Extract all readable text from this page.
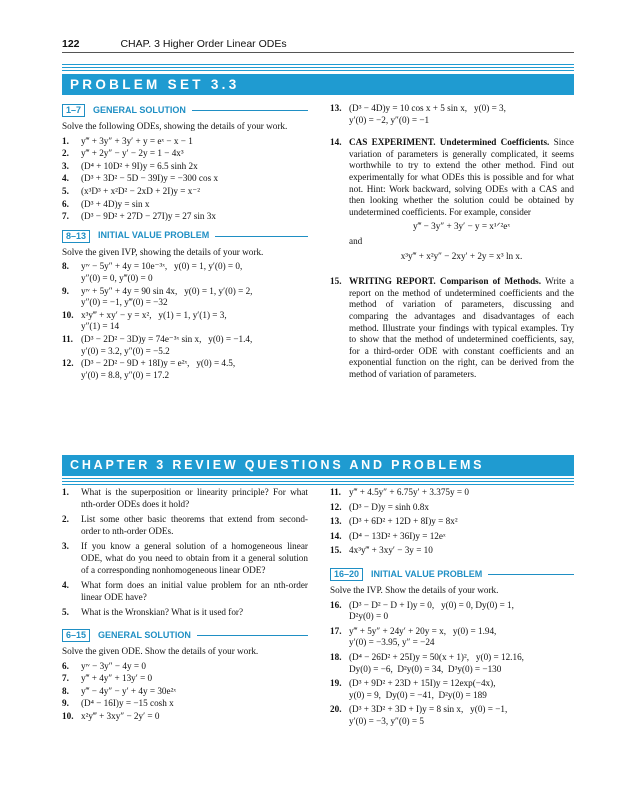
122	CHAP. 3 Higher Order Linear ODEs
PROBLEM SET 3.3
1–7	GENERAL SOLUTION
Solve the following ODEs, showing the details of your work.
1.	y‴ + 3y″ + 3y′ + y = eˣ − x − 1
2.	y‴ + 2y″ − y′ − 2y = 1 − 4x³
3.	(D⁴ + 10D² + 9I)y = 6.5 sinh 2x
4.	(D³ + 3D² − 5D − 39I)y = −300 cos x
5.	(x³D³ + x²D² − 2xD + 2I)y = x⁻²
6.	(D³ + 4D)y = sin x
7.	(D³ − 9D² + 27D − 27I)y = 27 sin 3x
8–13	INITIAL VALUE PROBLEM
Solve the given IVP, showing the details of your work.
8.	yᶦᵛ − 5y″ + 4y = 10e⁻³ˣ,   y(0) = 1, y′(0) = 0,
y″(0) = 0, y‴(0) = 0
9.	yᶦᵛ + 5y″ + 4y = 90 sin 4x,   y(0) = 1, y′(0) = 2,
y″(0) = −1, y‴(0) = −32
10. x³y‴ + xy′ − y = x²,   y(1) = 1, y′(1) = 3,
y″(1) = 14
11. (D³ − 2D² − 3D)y = 74e⁻³ˣ sin x,   y(0) = −1.4,
y′(0) = 3.2, y″(0) = −5.2
12. (D³ − 2D² − 9D + 18I)y = e²ˣ,   y(0) = 4.5,
y′(0) = 8.8, y″(0) = 17.2
13. (D³ − 4D)y = 10 cos x + 5 sin x,   y(0) = 3,
y′(0) = −2, y″(0) = −1
14. CAS EXPERIMENT. Undetermined Coefficients. Since variation of parameters is generally complicated, it seems worthwhile to try to extend the other method. Find out experimentally for what ODEs this is possible and for what not. Hint: Work backward, solving ODEs with a CAS and then looking whether the solution could be obtained by undetermined coefficients. For example, consider
y‴ − 3y″ + 3y′ − y = x¹ᐟ²eˣ
and
x³y‴ + x²y″ − 2xy′ + 2y = x³ ln x.
15. WRITING REPORT. Comparison of Methods. Write a report on the method of undetermined coefficients and the method of variation of parameters, discussing and comparing the advantages and disadvantages of each method. Illustrate your findings with typical examples. Try to show that the method of undetermined coefficients, say, for a third-order ODE with constant coefficients and an exponential function on the right, can be derived from the method of variation of parameters.
CHAPTER 3 REVIEW QUESTIONS AND PROBLEMS
1.	What is the superposition or linearity principle? For what nth-order ODEs does it hold?
2.	List some other basic theorems that extend from second-order to nth-order ODEs.
3.	If you know a general solution of a homogeneous linear ODE, what do you need to obtain from it a general solution of a corresponding nonhomogeneous linear ODE?
4.	What form does an initial value problem for an nth-order linear ODE have?
5.	What is the Wronskian? What is it used for?
6–15	GENERAL SOLUTION
Solve the given ODE. Show the details of your work.
6.	yᶦᵛ − 3y″ − 4y = 0
7.	y‴ + 4y″ + 13y′ = 0
8.	y‴ − 4y″ − y′ + 4y = 30e²ˣ
9.	(D⁴ − 16I)y = −15 cosh x
10. x²y‴ + 3xy″ − 2y′ = 0
11. y‴ + 4.5y″ + 6.75y′ + 3.375y = 0
12. (D³ − D)y = sinh 0.8x
13. (D³ + 6D² + 12D + 8I)y = 8x²
14. (D⁴ − 13D² + 36I)y = 12eˣ
15. 4x³y‴ + 3xy′ − 3y = 10
16–20	INITIAL VALUE PROBLEM
Solve the IVP. Show the details of your work.
16. (D³ − D² − D + I)y = 0,   y(0) = 0, Dy(0) = 1,
D²y(0) = 0
17. y‴ + 5y″ + 24y′ + 20y = x,   y(0) = 1.94,
y′(0) = −3.95, y″ = −24
18. (D⁴ − 26D² + 25I)y = 50(x + 1)²,   y(0) = 12.16,
Dy(0) = −6,  D²y(0) = 34,  D³y(0) = −130
19. (D³ + 9D² + 23D + 15I)y = 12exp(−4x),
y(0) = 9,  Dy(0) = −41,  D²y(0) = 189
20. (D³ + 3D² + 3D + I)y = 8 sin x,   y(0) = −1,
y′(0) = −3, y″(0) = 5
